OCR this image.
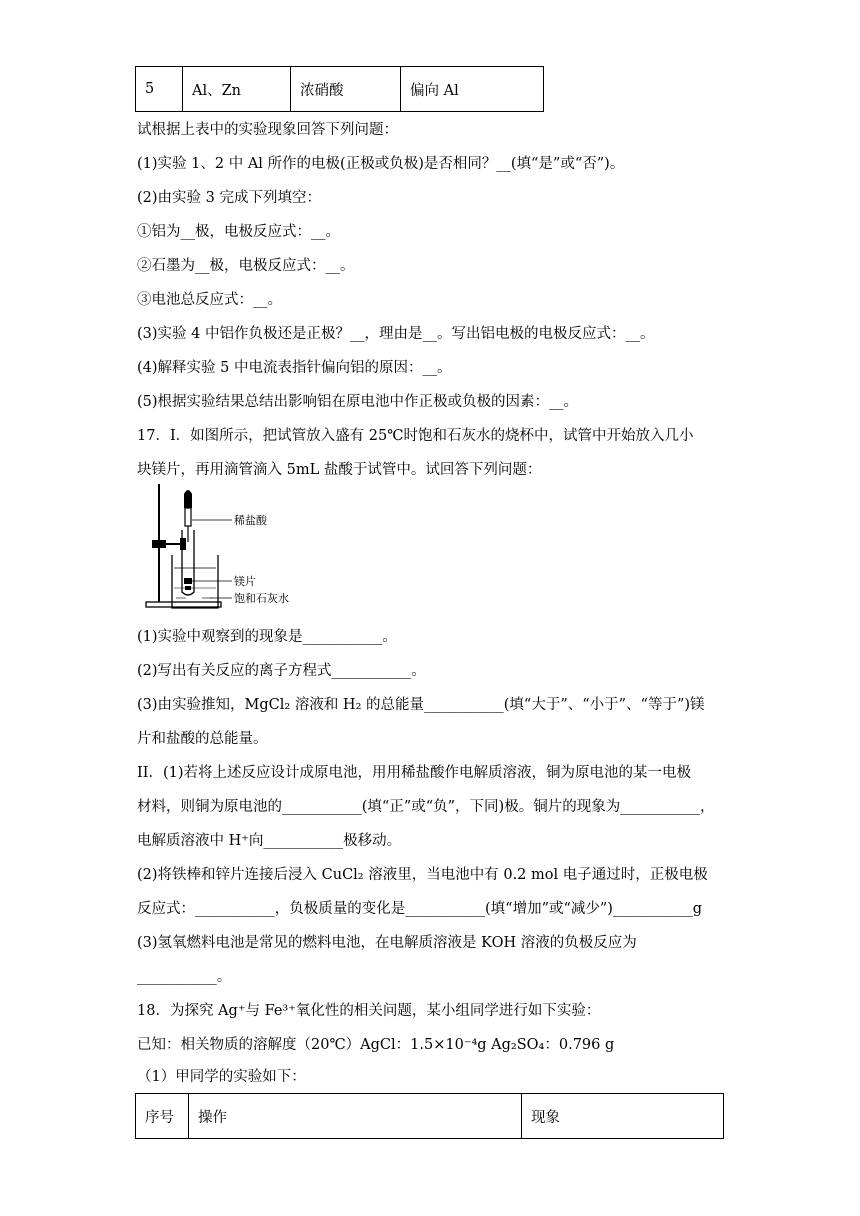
5	Al、Zn	浓硝酸	偏向 Al
试根据上表中的实验现象回答下列问题：
(1)实验 1、2 中 Al 所作的电极(正极或负极)是否相同？__(填“是”或“否”)。
(2)由实验 3 完成下列填空：
①铝为__极，电极反应式：__。
②石墨为__极，电极反应式：__。
③电池总反应式：__。
(3)实验 4 中铝作负极还是正极？__，理由是__。写出铝电极的电极反应式：__。
(4)解释实验 5 中电流表指针偏向铝的原因：__。
(5)根据实验结果总结出影响铝在原电池中作正极或负极的因素：__。
17．I．如图所示，把试管放入盛有 25℃时饱和石灰水的烧杯中，试管中开始放入几小
块镁片，再用滴管滴入 5mL 盐酸于试管中。试回答下列问题：
稀盐酸
镁片
饱和石灰水
(1)实验中观察到的现象是___________。
(2)写出有关反应的离子方程式___________。
(3)由实验推知，MgCl₂ 溶液和 H₂ 的总能量___________(填“大于”、“小于”、“等于”)镁
片和盐酸的总能量。
II．(1)若将上述反应设计成原电池，用用稀盐酸作电解质溶液，铜为原电池的某一电极
材料，则铜为原电池的___________(填“正”或“负”，下同)极。铜片的现象为___________，
电解质溶液中 H⁺向___________极移动。
(2)将铁棒和锌片连接后浸入 CuCl₂ 溶液里，当电池中有 0.2 mol 电子通过时，正极电极
反应式：___________，负极质量的变化是___________(填“增加”或“减少”)___________g
(3)氢氧燃料电池是常见的燃料电池，在电解质溶液是 KOH 溶液的负极反应为
___________。
18．为探究 Ag⁺与 Fe³⁺氧化性的相关问题，某小组同学进行如下实验：
已知：相关物质的溶解度（20℃）AgCl：1.5×10⁻⁴g Ag₂SO₄：0.796 g
（1）甲同学的实验如下：
序号	操作	现象
